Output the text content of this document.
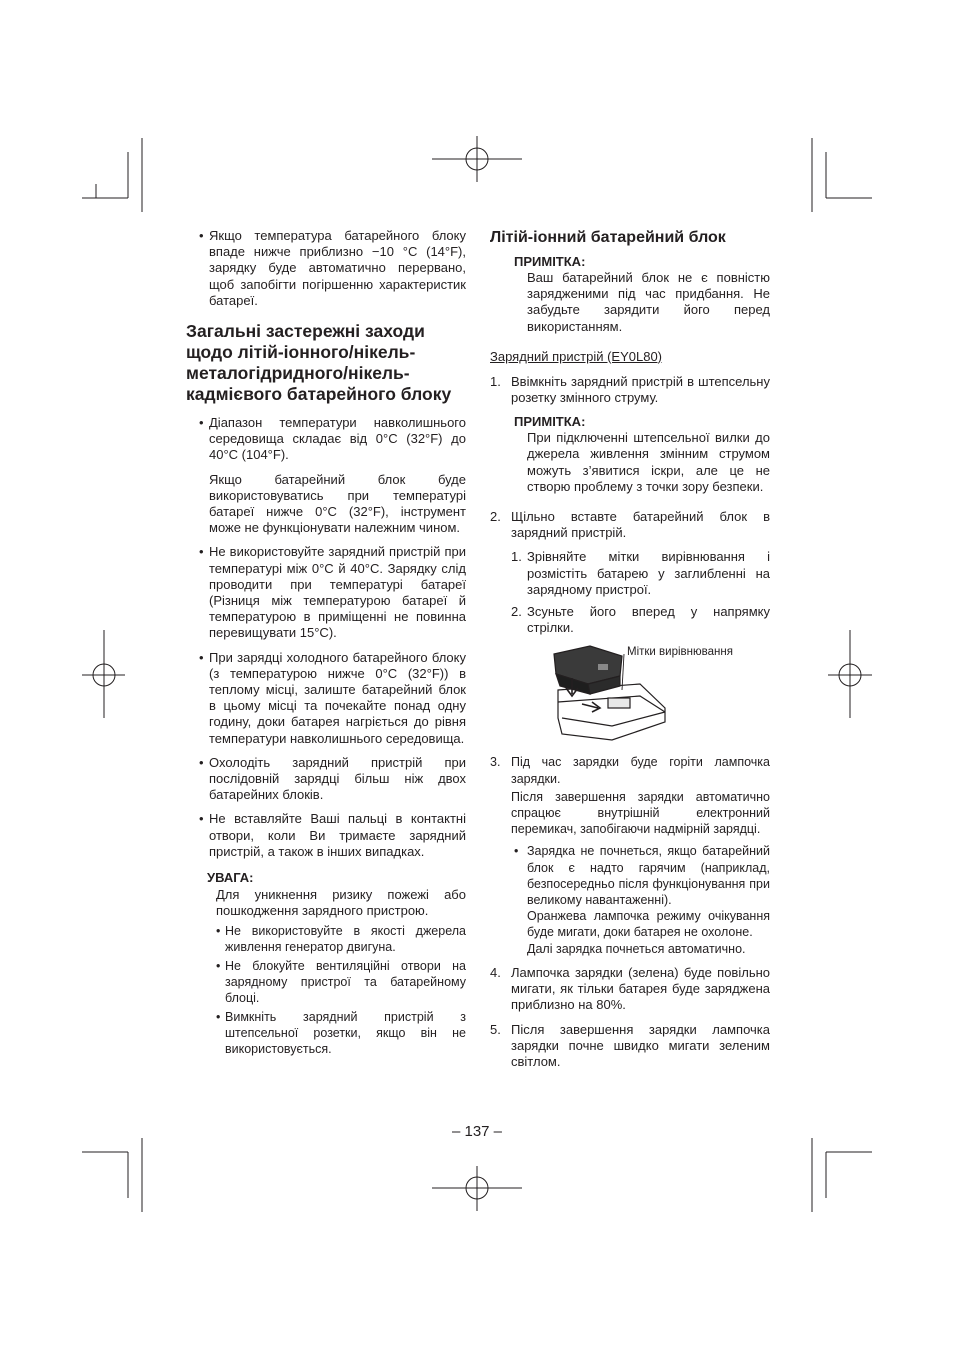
• Якщо температура батарейного блоку впаде нижче приблизно −10 °C (14°F), зарядку буде автоматично перервано, щоб запобігти погіршенню характеристик батареї.
Загальні застережні заходи щодо літій-іонного/нікель-металогідридного/нікель-кадмієвого батарейного блоку
• Діапазон температури навколишнього середовища складає від 0°C (32°F) до 40°C (104°F).

Якщо батарейний блок буде використовуватись при температурі батареї нижче 0°C (32°F), інструмент може не функціонувати належним чином.

• Не використовуйте зарядний пристрій при температурі між 0°C й 40°C. Зарядку слід проводити при температурі батареї (Різниця між температурою батареї й температурою в приміщенні не повинна перевищувати 15°C).
• При зарядці холодного батарейного блоку (з температурою нижче 0°C (32°F)) в теплому місці, залиште батарейний блок в цьому місці та почекайте понад одну годину, доки батарея нагріється до рівня температури навколишнього середовища.
• Охолодіть зарядний пристрій при послідовній зарядці більш ніж двох батарейних блоків.
• Не вставляйте Ваші пальці в контактні отвори, коли Ви тримаєте зарядний пристрій, а також в інших випадках.
УВАГА:
Для уникнення ризику пожежі або пошкодження зарядного пристрою.
• Не використовуйте в якості джерела живлення генератор двигуна.
• Не блокуйте вентиляційні отвори на зарядному пристрої та батарейному блоці.
• Вимкніть зарядний пристрій з штепсельної розетки, якщо він не використовується.
Літій-іонний батарейний блок
ПРИМІТКА:
Ваш батарейний блок не є повністю зарядженими під час придбання. Не забудьте зарядити його перед використанням.
Зарядний пристрій (EY0L80)
1. Ввімкніть зарядний пристрій в штепсельну розетку змінного струму.
ПРИМІТКА:
При підключенні штепсельної вилки до джерела живлення змінним струмом можуть з’явитися іскри, але це не створю проблему з точки зору безпеки.
2. Щільно вставте батарейний блок в зарядний пристрій.
1. Зрівняйте мітки вирівнювання і розмістіть батарею у заглибленні на зарядному пристрої.
2. Зсуньте його вперед у напрямку стрілки.
Мітки вирівнювання
3. Під час зарядки буде горіти лампочка зарядки.

Після завершення зарядки автоматично спрацює внутрішній електронний перемикач, запобігаючи надмірній зарядці.

• Зарядка не почнеться, якщо батарейний блок є надто гарячим (наприклад, безпосередньо після функціонування при великому навантаженні).

Оранжева лампочка режиму очікування буде мигати, доки батарея не охолоне.

Далі зарядка почнеться автоматично.

4. Лампочка зарядки (зелена) буде повільно мигати, як тільки батарея буде заряджена приблизно на 80%.
5. Після завершення зарядки лампочка зарядки почне швидко мигати зеленим світлом.
– 137 –
